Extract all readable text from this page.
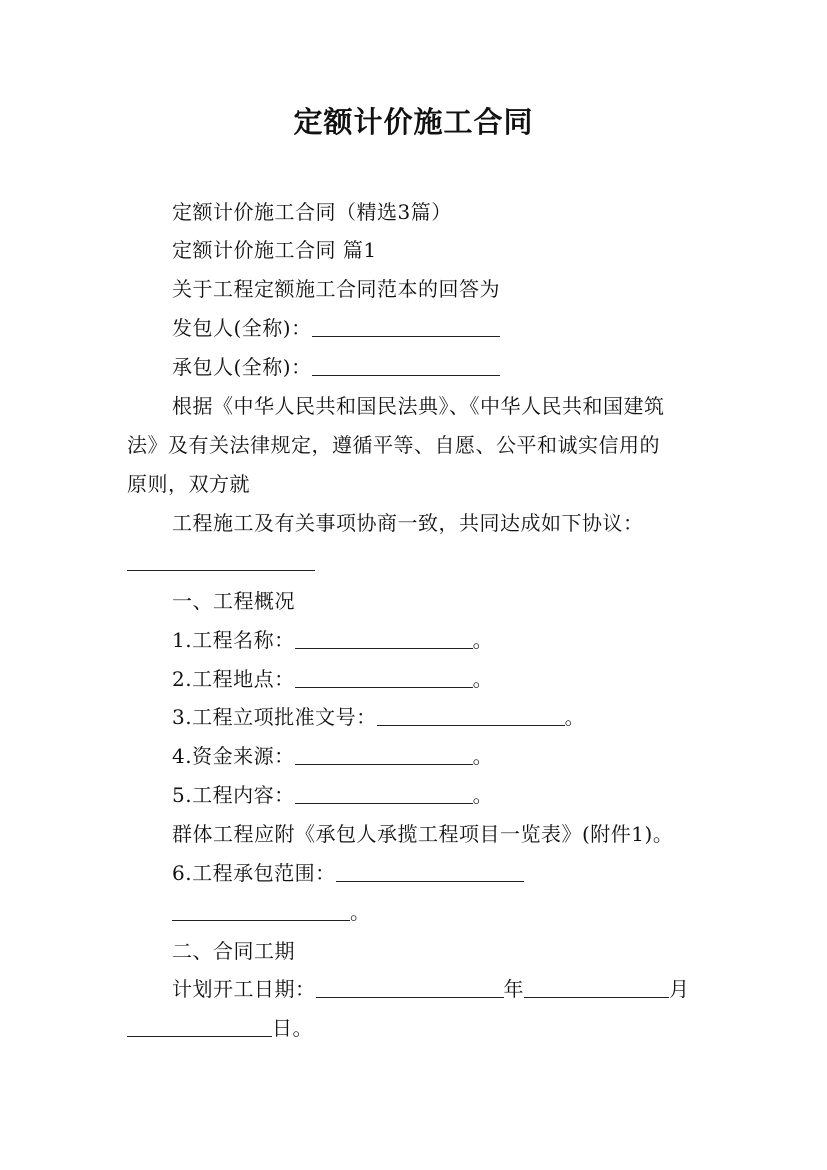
定额计价施工合同
定额计价施工合同（精选3篇）
定额计价施工合同 篇1
关于工程定额施工合同范本的回答为
发包人(全称)：
承包人(全称)：
根据《中华人民共和国民法典》、《中华人民共和国建筑
法》及有关法律规定，遵循平等、自愿、公平和诚实信用的
原则，双方就
工程施工及有关事项协商一致，共同达成如下协议：
一、工程概况
1.工程名称：	。
2.工程地点：	。
3.工程立项批准文号：	。
4.资金来源：	。
5.工程内容：	。
群体工程应附《承包人承揽工程项目一览表》(附件1)。
6.工程承包范围：
。
二、合同工期
计划开工日期：	年	月
日。
